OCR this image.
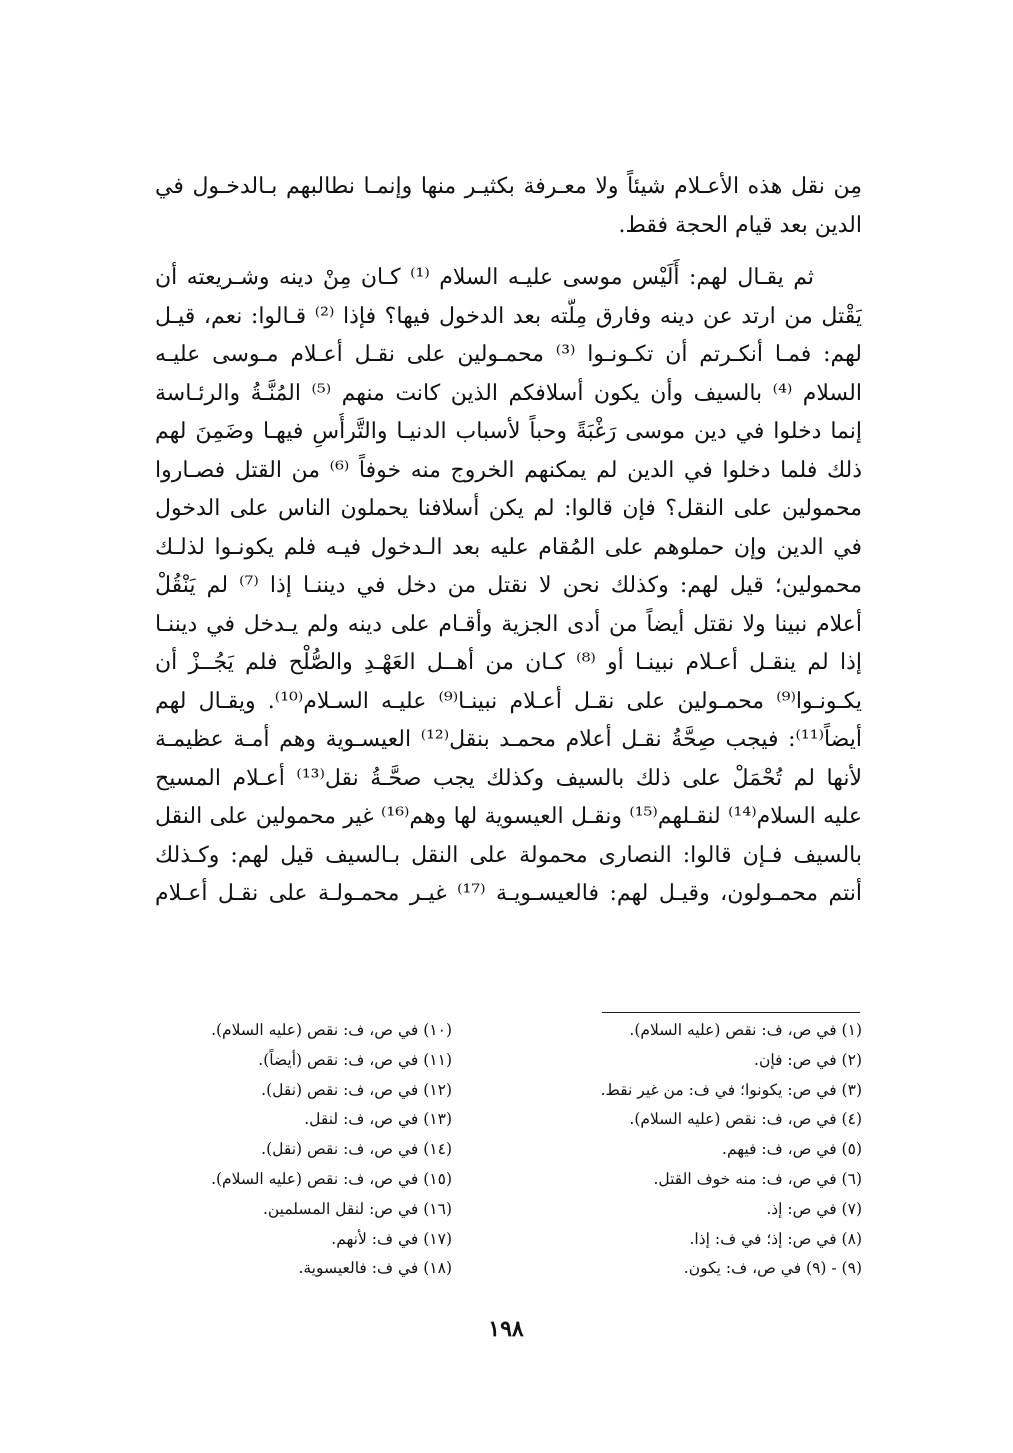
مِن نقل هذه الأعـلام شيئاً ولا معـرفة بكثيـر منها وإنمـا نطالبهم بـالدخـول في
الدين بعد قيام الحجة فقط.
ثم يقـال لهم: أَلَيْس موسى عليـه السلام ⁽¹⁾ كـان مِنْ دينه وشـريعته أن
يَقْتل من ارتد عن دينه وفارق مِلَّته بعد الدخول فيها؟ فإذا ⁽²⁾ قـالوا: نعم، قيـل
لهم: فمـا أنكـرتم أن تكـونـوا ⁽³⁾ محمـولين على نقـل أعـلام مـوسى عليـه
السلام ⁽⁴⁾ بالسيف وأن يكون أسلافكم الذين كانت منهم ⁽⁵⁾ المُنَّـةُ والرئـاسة
إنما دخلوا في دين موسى رَغْبَةً وحباً لأسباب الدنيـا والتَّرأُسِ فيهـا وضَمِنَ لهم
ذلك فلما دخلوا في الدين لم يمكنهم الخروج منه خوفاً ⁽⁶⁾ من القتل فصـاروا
محمولين على النقل؟ فإن قالوا: لم يكن أسلافنا يحملون الناس على الدخول
في الدين وإن حملوهم على المُقام عليه بعد الـدخول فيـه فلم يكونـوا لذلـك
محمولين؛ قيل لهم: وكذلك نحن لا نقتل من دخل في ديننـا إذا ⁽⁷⁾ لم يَنْقُلْ
أعلام نبينا ولا نقتل أيضاً من أدى الجزية وأقـام على دينه ولم يـدخل في ديننـا
إذا لم ينقـل أعـلام نبينـا أو ⁽⁸⁾ كـان من أهــل العَهْـدِ والصُّلْح فلم يَجُــزْ أن
يكـونـوا⁽⁹⁾ محمـولين على نقـل أعـلام نبينـا⁽⁹⁾ عليـه السـلام⁽¹⁰⁾. ويقـال لهم
أيضاً⁽¹¹⁾: فيجب صِحَّةُ نقـل أعلام محمـد بنقل⁽¹²⁾ العيسـوية وهم أمـة عظيمـة
لأنها لم تُحْمَلْ على ذلك بالسيف وكذلك يجب صحَّـةُ نقل⁽¹³⁾ أعـلام المسيح
عليه السلام⁽¹⁴⁾ لنقـلهم⁽¹⁵⁾ ونقـل العيسوية لها وهم⁽¹⁶⁾ غير محمولين على النقل
بالسيف فـإن قالوا: النصارى محمولة على النقل بـالسيف قيل لهم: وكـذلك
أنتم محمـولون، وقيـل لهم: فالعيسـويـة ⁽¹⁷⁾ غيـر محمـولـة على نقـل أعـلام
(١) في ص، ف: نقص (عليه السلام).
(٢) في ص: فإن.
(٣) في ص: يكونوا؛ في ف: من غير نقط.
(٤) في ص، ف: نقص (عليه السلام).
(٥) في ص، ف: فيهم.
(٦) في ص، ف: منه خوف القتل.
(٧) في ص: إذ.
(٨) في ص: إذ؛ في ف: إذا.
(٩) - (٩) في ص، ف: يكون.
(١٠) في ص، ف: نقص (عليه السلام).
(١١) في ص، ف: نقص (أيضاً).
(١٢) في ص، ف: نقص (نقل).
(١٣) في ص، ف: لنقل.
(١٤) في ص، ف: نقص (نقل).
(١٥) في ص، ف: نقص (عليه السلام).
(١٦) في ص: لنقل المسلمين.
(١٧) في ف: لأنهم.
(١٨) في ف: فالعيسوية.
١٩٨
